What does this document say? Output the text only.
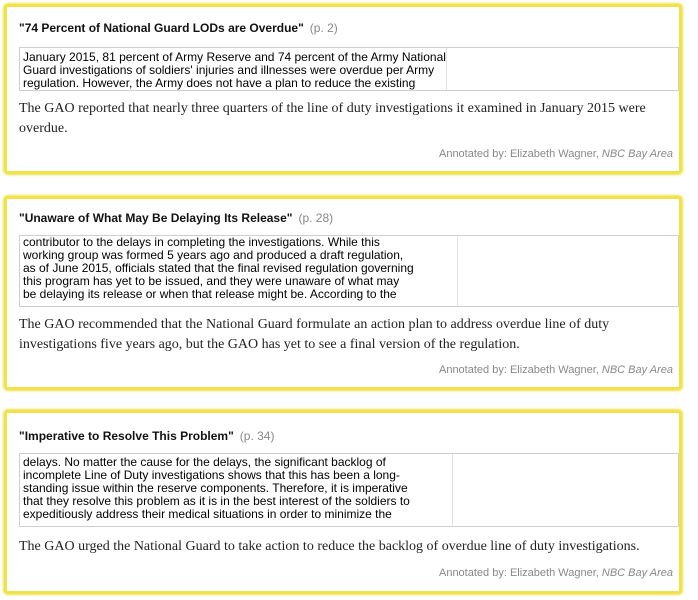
"74 Percent of National Guard LODs are Overdue" (p. 2)
January 2015, 81 percent of Army Reserve and 74 percent of the Army National
Guard investigations of soldiers' injuries and illnesses were overdue per Army
regulation. However, the Army does not have a plan to reduce the existing
The GAO reported that nearly three quarters of the line of duty investigations it examined in January 2015 were overdue.
Annotated by: Elizabeth Wagner, NBC Bay Area
"Unaware of What May Be Delaying Its Release" (p. 28)
contributor to the delays in completing the investigations. While this
working group was formed 5 years ago and produced a draft regulation,
as of June 2015, officials stated that the final revised regulation governing
this program has yet to be issued, and they were unaware of what may
be delaying its release or when that release might be. According to the
The GAO recommended that the National Guard formulate an action plan to address overdue line of duty investigations five years ago, but the GAO has yet to see a final version of the regulation.
Annotated by: Elizabeth Wagner, NBC Bay Area
"Imperative to Resolve This Problem" (p. 34)
delays. No matter the cause for the delays, the significant backlog of
incomplete Line of Duty investigations shows that this has been a long-
standing issue within the reserve components. Therefore, it is imperative
that they resolve this problem as it is in the best interest of the soldiers to
expeditiously address their medical situations in order to minimize the
The GAO urged the National Guard to take action to reduce the backlog of overdue line of duty investigations.
Annotated by: Elizabeth Wagner, NBC Bay Area
